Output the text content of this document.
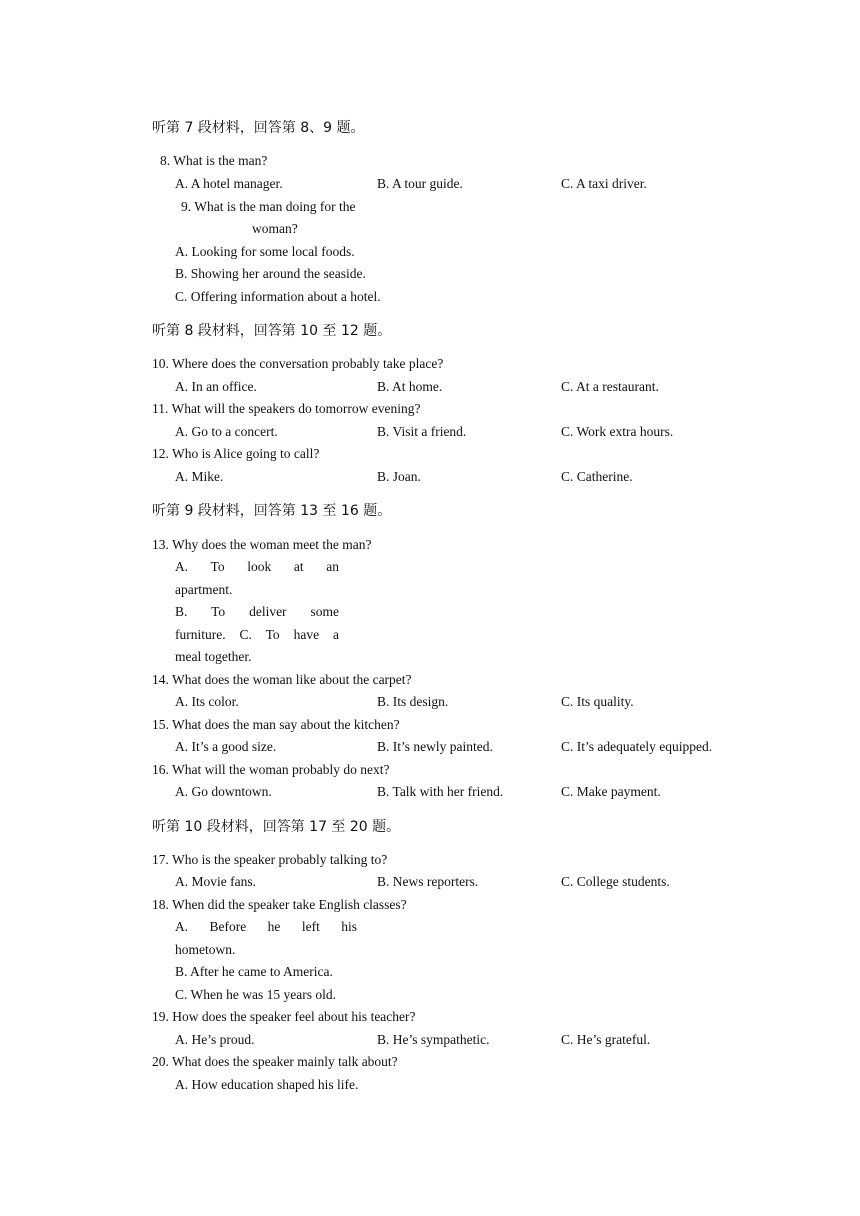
听第 7 段材料，回答第 8、9 题。
8. What is the man?
A. A hotel manager.	B. A tour guide.	C. A taxi driver.
9. What is the man doing for the
woman?
A. Looking for some local foods.
B. Showing her around the seaside.
C. Offering information about a hotel.
听第 8 段材料，回答第 10 至 12 题。
10. Where does the conversation probably take place?
A. In an office.	B. At home.	C. At a restaurant.
11. What will the speakers do tomorrow evening?
A. Go to a concert.	B. Visit a friend.	C. Work extra hours.
12. Who is Alice going to call?
A. Mike.	B. Joan.	C. Catherine.
听第 9 段材料，回答第 13 至 16 题。
13. Why does the woman meet the man?
A. To look at an
apartment.
B. To deliver some
furniture. C. To have a
meal together.
14. What does the woman like about the carpet?
A. Its color.	B. Its design.	C. Its quality.
15. What does the man say about the kitchen?
A. It’s a good size.	B. It’s newly painted.	C. It’s adequately equipped.
16. What will the woman probably do next?
A. Go downtown.	B. Talk with her friend.	C. Make payment.
听第 10 段材料，回答第 17 至 20 题。
17. Who is the speaker probably talking to?
A. Movie fans.	B. News reporters.	C. College students.
18. When did the speaker take English classes?
A. Before he left his
hometown.
B. After he came to America.
C. When he was 15 years old.
19. How does the speaker feel about his teacher?
A. He’s proud.	B. He’s sympathetic.	C. He’s grateful.
20. What does the speaker mainly talk about?
A. How education shaped his life.
